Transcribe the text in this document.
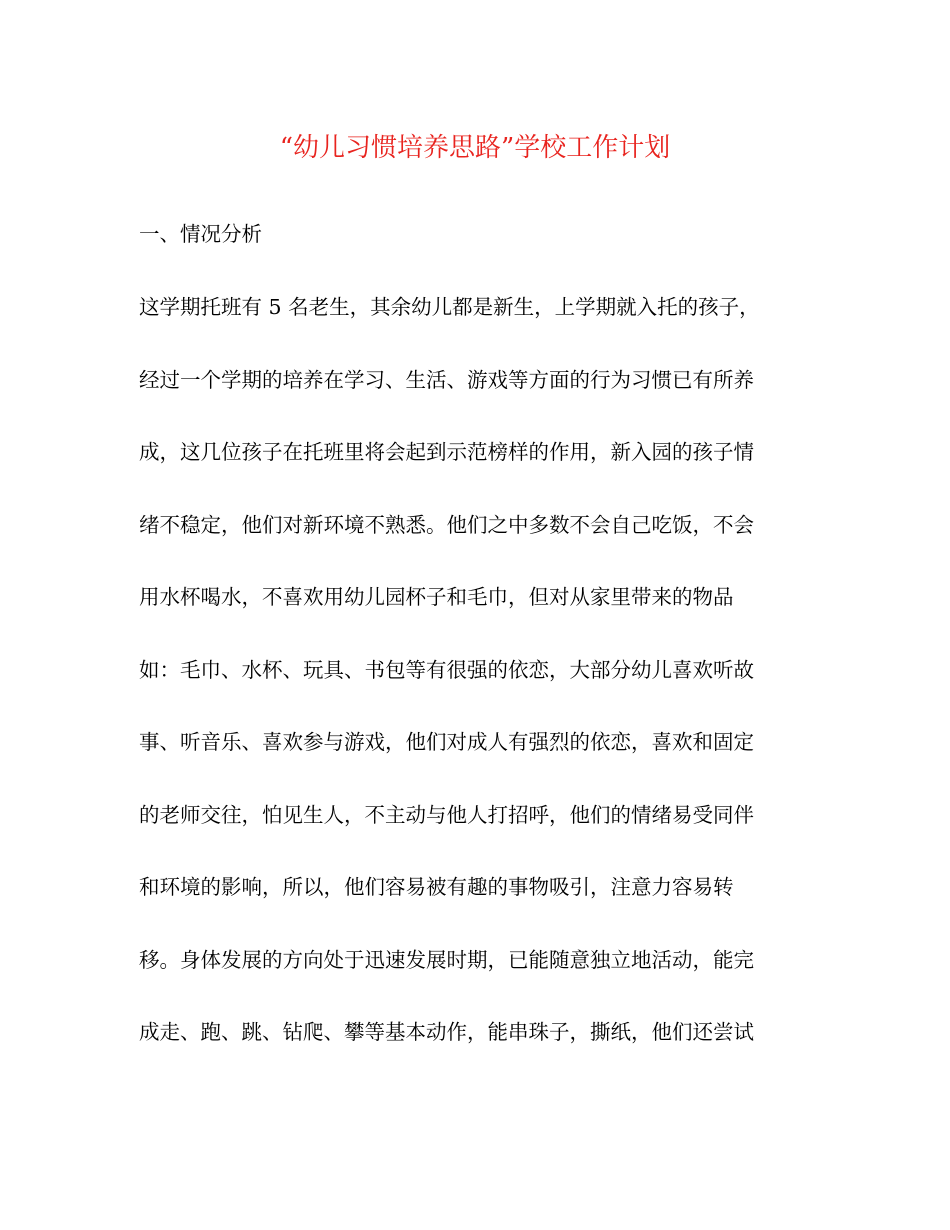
“幼儿习惯培养思路”学校工作计划
一、情况分析
这学期托班有 5 名老生，其余幼儿都是新生，上学期就入托的孩子，
经过一个学期的培养在学习、生活、游戏等方面的行为习惯已有所养
成，这几位孩子在托班里将会起到示范榜样的作用，新入园的孩子情
绪不稳定，他们对新环境不熟悉。他们之中多数不会自己吃饭，不会
用水杯喝水，不喜欢用幼儿园杯子和毛巾，但对从家里带来的物品
如：毛巾、水杯、玩具、书包等有很强的依恋，大部分幼儿喜欢听故
事、听音乐、喜欢参与游戏，他们对成人有强烈的依恋，喜欢和固定
的老师交往，怕见生人，不主动与他人打招呼，他们的情绪易受同伴
和环境的影响，所以，他们容易被有趣的事物吸引，注意力容易转
移。身体发展的方向处于迅速发展时期，已能随意独立地活动，能完
成走、跑、跳、钻爬、攀等基本动作，能串珠子，撕纸，他们还尝试
